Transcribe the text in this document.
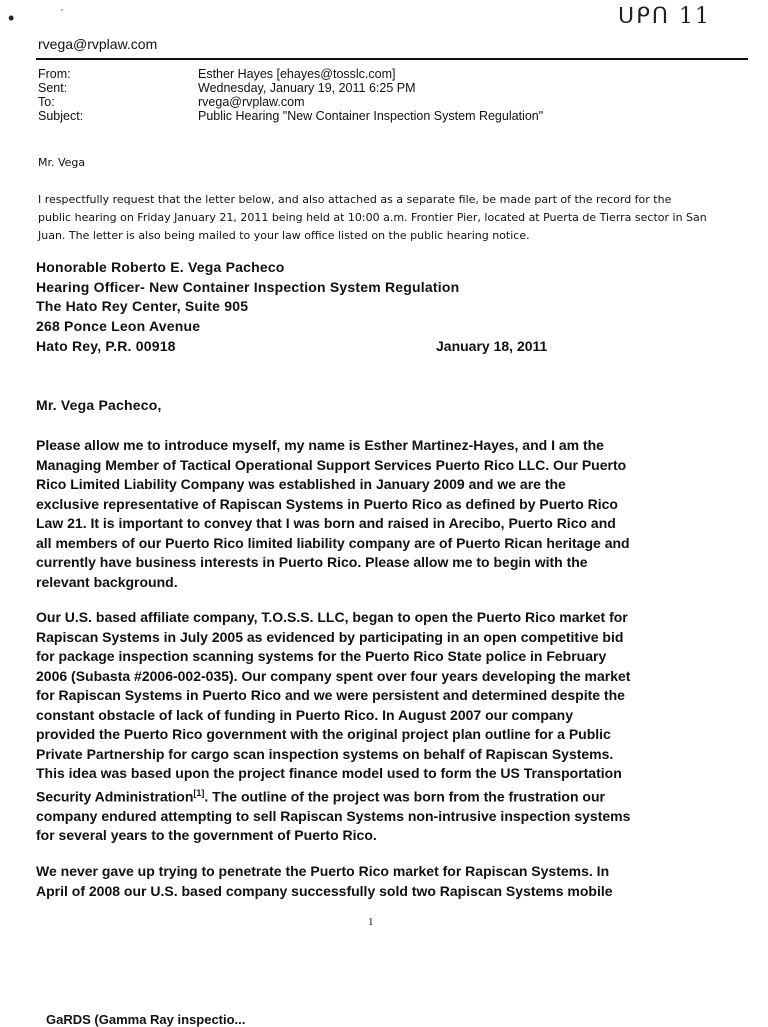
ᑌᑭᑎ 11
•	·
rvega@rvplaw.com
From:	Esther Hayes [ehayes@tosslc.com]
Sent:	Wednesday, January 19, 2011 6:25 PM
To:	rvega@rvplaw.com
Subject:	Public Hearing "New Container Inspection System Regulation"
Mr. Vega
I respectfully request that the letter below, and also attached as a separate file, be made part of the record for the
public hearing on Friday January 21, 2011 being held at 10:00 a.m. Frontier Pier, located at Puerta de Tierra sector in San
Juan. The letter is also being mailed to your law office listed on the public hearing notice.
Honorable Roberto E. Vega Pacheco
Hearing Officer- New Container Inspection System Regulation
The Hato Rey Center, Suite 905
268 Ponce Leon Avenue
Hato Rey, P.R. 00918	January 18, 2011
Mr. Vega Pacheco,
Please allow me to introduce myself, my name is Esther Martinez-Hayes, and I am the
Managing Member of Tactical Operational Support Services Puerto Rico LLC. Our Puerto
Rico Limited Liability Company was established in January 2009 and we are the
exclusive representative of Rapiscan Systems in Puerto Rico as defined by Puerto Rico
Law 21. It is important to convey that I was born and raised in Arecibo, Puerto Rico and
all members of our Puerto Rico limited liability company are of Puerto Rican heritage and
currently have business interests in Puerto Rico. Please allow me to begin with the
relevant background.
Our U.S. based affiliate company, T.O.S.S. LLC, began to open the Puerto Rico market for
Rapiscan Systems in July 2005 as evidenced by participating in an open competitive bid
for package inspection scanning systems for the Puerto Rico State police in February
2006 (Subasta #2006-002-035). Our company spent over four years developing the market
for Rapiscan Systems in Puerto Rico and we were persistent and determined despite the
constant obstacle of lack of funding in Puerto Rico. In August 2007 our company
provided the Puerto Rico government with the original project plan outline for a Public
Private Partnership for cargo scan inspection systems on behalf of Rapiscan Systems.
This idea was based upon the project finance model used to form the US Transportation
Security Administration[1]. The outline of the project was born from the frustration our
company endured attempting to sell Rapiscan Systems non-intrusive inspection systems
for several years to the government of Puerto Rico.
We never gave up trying to penetrate the Puerto Rico market for Rapiscan Systems. In
April of 2008 our U.S. based company successfully sold two Rapiscan Systems mobile
1
GaRDS (Gamma Ray inspectio...
